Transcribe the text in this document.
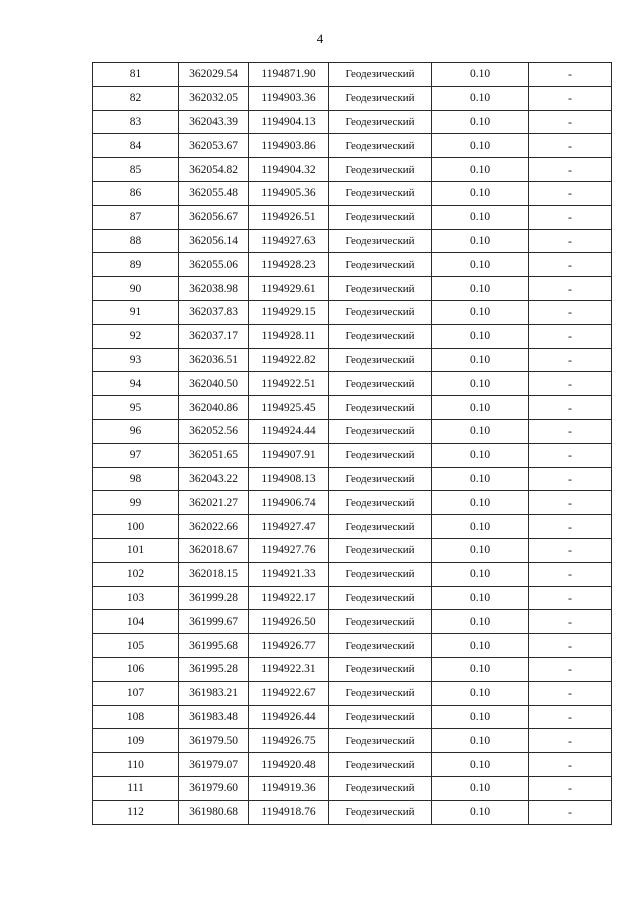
4
81	362029.54	1194871.90	Геодезический	0.10	-
82	362032.05	1194903.36	Геодезический	0.10	-
83	362043.39	1194904.13	Геодезический	0.10	-
84	362053.67	1194903.86	Геодезический	0.10	-
85	362054.82	1194904.32	Геодезический	0.10	-
86	362055.48	1194905.36	Геодезический	0.10	-
87	362056.67	1194926.51	Геодезический	0.10	-
88	362056.14	1194927.63	Геодезический	0.10	-
89	362055.06	1194928.23	Геодезический	0.10	-
90	362038.98	1194929.61	Геодезический	0.10	-
91	362037.83	1194929.15	Геодезический	0.10	-
92	362037.17	1194928.11	Геодезический	0.10	-
93	362036.51	1194922.82	Геодезический	0.10	-
94	362040.50	1194922.51	Геодезический	0.10	-
95	362040.86	1194925.45	Геодезический	0.10	-
96	362052.56	1194924.44	Геодезический	0.10	-
97	362051.65	1194907.91	Геодезический	0.10	-
98	362043.22	1194908.13	Геодезический	0.10	-
99	362021.27	1194906.74	Геодезический	0.10	-
100	362022.66	1194927.47	Геодезический	0.10	-
101	362018.67	1194927.76	Геодезический	0.10	-
102	362018.15	1194921.33	Геодезический	0.10	-
103	361999.28	1194922.17	Геодезический	0.10	-
104	361999.67	1194926.50	Геодезический	0.10	-
105	361995.68	1194926.77	Геодезический	0.10	-
106	361995.28	1194922.31	Геодезический	0.10	-
107	361983.21	1194922.67	Геодезический	0.10	-
108	361983.48	1194926.44	Геодезический	0.10	-
109	361979.50	1194926.75	Геодезический	0.10	-
110	361979.07	1194920.48	Геодезический	0.10	-
111	361979.60	1194919.36	Геодезический	0.10	-
112	361980.68	1194918.76	Геодезический	0.10	-
